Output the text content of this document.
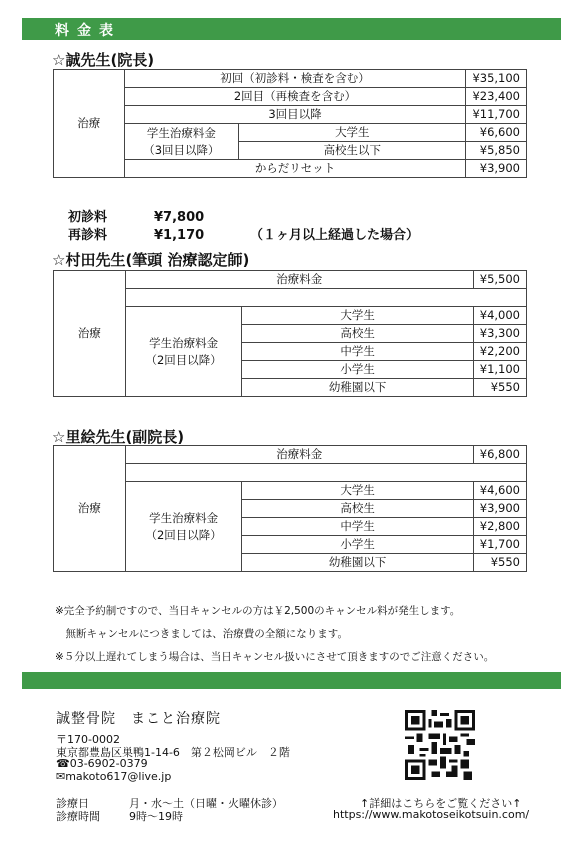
料金表
☆誠先生(院長)
治療	初回（初診料・検査を含む）		¥35,100
	2回目（再検査を含む）		¥23,400
	3回目以降		¥11,700
	学生治療料金
（3回目以降）	大学生	¥6,600
		高校生以下	¥5,850
	からだリセット		¥3,900
初診料	¥7,800
再診料	¥1,170	（１ヶ月以上経過した場合）
☆村田先生(筆頭 治療認定師)
治療	治療料金		¥5,500

	学生治療料金
（2回目以降）	大学生	¥4,000
		高校生	¥3,300
		中学生	¥2,200
		小学生	¥1,100
		幼稚園以下	¥550
☆里絵先生(副院長)
治療	治療料金		¥6,800

	学生治療料金
（2回目以降）	大学生	¥4,600
		高校生	¥3,900
		中学生	¥2,800
		小学生	¥1,700
		幼稚園以下	¥550
※完全予約制ですので、当日キャンセルの方は￥2,500のキャンセル料が発生します。
　無断キャンセルにつきましては、治療費の全額になります。
※５分以上遅れてしまう場合は、当日キャンセル扱いにさせて頂きますのでご注意ください。
誠整骨院　まこと治療院
〒170-0002
東京都豊島区巣鴨1-14-6　第２松岡ビル　２階
☎03-6902-0379
✉makoto617@live.jp
診療日	月・水～土（日曜・火曜休診）
診療時間	9時～19時
↑詳細はこちらをご覧ください↑
https://www.makotoseikotsuin.com/
